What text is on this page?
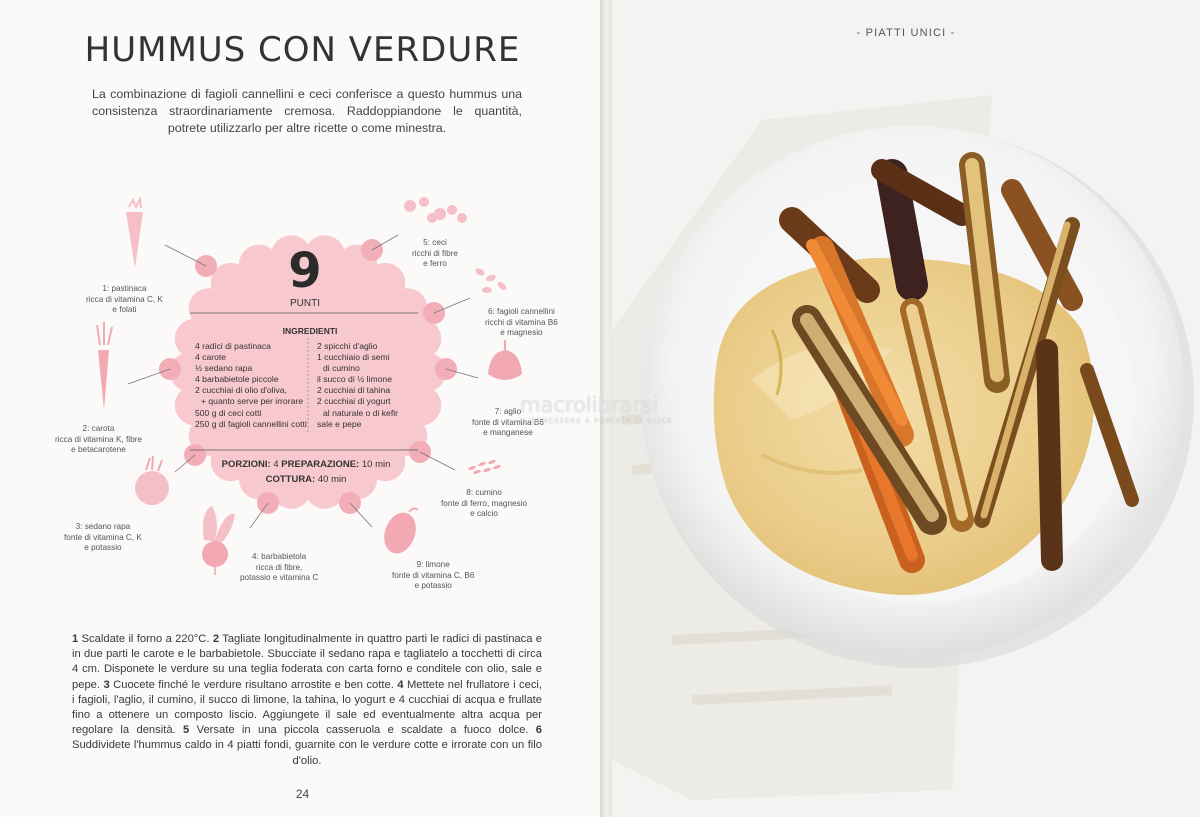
HUMMUS CON VERDURE
La combinazione di fagioli cannellini e ceci conferisce a questo hummus una consistenza straordinariamente cremosa. Raddoppiandone le quantità, potrete utilizzarlo per altre ricette o come minestra.
9
PUNTI
INGREDIENTI
4 radici di pastinaca
4 carote
½ sedano rapa
4 barbabietole piccole
2 cucchiai di olio d'oliva,
+ quanto serve per irrorare
500 g di ceci cotti
250 g di fagioli cannellini cotti
2 spicchi d'aglio
1 cucchiaio di semi
di cumino
il succo di ½ limone
2 cucchiai di tahina
2 cucchiai di yogurt
al naturale o di kefir
sale e pepe
PORZIONI: 4 PREPARAZIONE: 10 min
COTTURA: 40 min
1: pastinaca
ricca di vitamina C, K
e folati
2: carota
ricca di vitamina K, fibre
e betacarotene
3: sedano rapa
fonte di vitamina C, K
e potassio
4: barbabietola
ricca di fibre,
potassio e vitamina C
5: ceci
ricchi di fibre
e ferro
6: fagioli cannellini
ricchi di vitamina B6
e magnesio
7: aglio
fonte di vitamina B6
e manganese
8: cumino
fonte di ferro, magnesio
e calcio
9: limone
fonte di vitamina C, B6
e potassio
1 Scaldate il forno a 220°C. 2 Tagliate longitudinalmente in quattro parti le radici di pastinaca e in due parti le carote e le barbabietole. Sbucciate il sedano rapa e tagliatelo a tocchetti di circa 4 cm. Disponete le verdure su una teglia foderata con carta forno e conditele con olio, sale e pepe. 3 Cuocete finché le verdure risultano arrostite e ben cotte. 4 Mettete nel frullatore i ceci, i fagioli, l'aglio, il cumino, il succo di limone, la tahina, lo yogurt e 4 cucchiai di acqua e frullate fino a ottenere un composto liscio. Aggiungete il sale ed eventualmente altra acqua per regolare la densità. 5 Versate in una piccola casseruola e scaldate a fuoco dolce. 6 Suddividete l'hummus caldo in 4 piatti fondi, guarnite con le verdure cotte e irrorate con un filo d'olio.
24
- PIATTI UNICI -
macrolibrarsi
IL BENESSERE A PORTATA DI CLICK
